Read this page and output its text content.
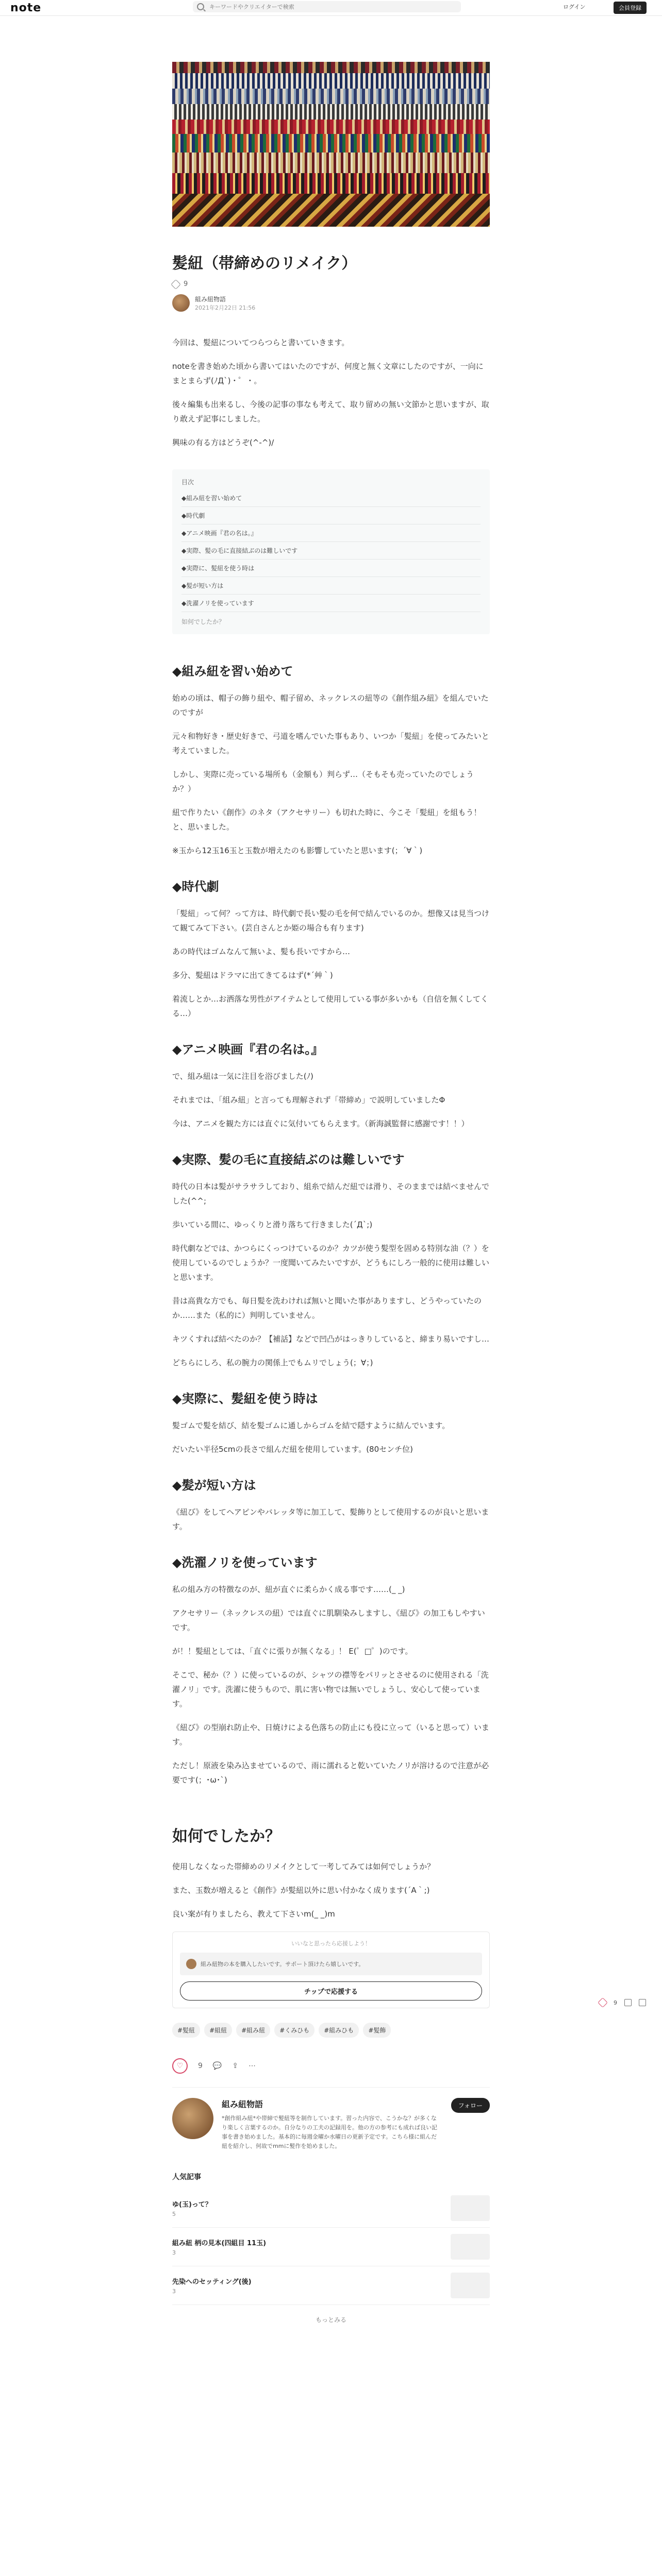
note
キーワードやクリエイターで検索	ログイン	会員登録
髪紐（帯締めのリメイク）
9
組み紐物語
2021年2月22日 21:56

今回は、髪紐についてつらつらと書いていきます。

noteを書き始めた頃から書いてはいたのですが、何度と無く文章にしたのですが、一向にまとまらず(ﾉД`)・゜・。

後々編集も出来るし、今後の記事の事なも考えて、取り留めの無い文節かと思いますが、取り敢えず記事にしました。

興味の有る方はどうぞ(^-^)/

目次
◆組み紐を習い始めて
◆時代劇
◆アニメ映画『君の名は。』
◆実際、髪の毛に直接結ぶのは難しいです
◆実際に、髪紐を使う時は
◆髪が短い方は
◆洗濯ノリを使っています
如何でしたか？
◆組み紐を習い始めて

始めの頃は、帽子の飾り紐や、帽子留め、ネックレスの紐等の《創作組み紐》を組んでいたのですが

元々和物好き・歴史好きで、弓道を嗜んでいた事もあり、いつか「髪紐」を使ってみたいと考えていました。

しかし、実際に売っている場所も（金額も）判らず…（そもそも売っていたのでしょうか？）

紐で作りたい《創作》のネタ（アクセサリー）も切れた時に、今こそ「髪紐」を組もう！と、思いました。

※玉から12玉16玉と玉数が増えたのも影響していたと思います(；´∀｀)

◆時代劇

「髪紐」って何？って方は、時代劇で長い髪の毛を何で結んでいるのか。想像又は見当つけて観てみて下さい。(芸自さんとか姫の場合も有ります)

あの時代はゴムなんて無いよ、髪も長いですから…

多分、髪紐はドラマに出てきてるはず(*´艸｀)

着流しとか…お洒落な男性がアイテムとして使用している事が多いかも（自信を無くしてくる…）

◆アニメ映画『君の名は。』

で、組み紐は一気に注目を浴びました(ﾉ)

それまでは、「組み紐」と言っても理解されず「帯締め」で説明していましたΦ

今は、アニメを観た方には直ぐに気付いてもらえます。（新海誠監督に感謝です！！）

◆実際、髪の毛に直接結ぶのは難しいです

時代の日本は髪がサラサラしており、組糸で結んだ紐では滑り、そのままでは結べませんでした(^^;

歩いている間に、ゆっくりと滑り落ちて行きました(´Д`;)

時代劇などでは、かつらにくっつけているのか？カツが使う髪型を固める特別な油（？）を使用しているのでしょうか？一度聞いてみたいですが、どうもにしろ一般的に使用は難しいと思います。

昔は高貴な方でも、毎日髪を洗わければ無いと聞いた事がありますし、どうやっていたのか……また（私的に）判明していません。

キツくすれば結べたのか？【補話】などで凹凸がはっきりしていると、締まり易いですし…

どちらにしろ、私の腕力の関係上でもムリでしょう(；∀；)

◆実際に、髪紐を使う時は

髪ゴムで髪を結び、結を髪ゴムに通しからゴムを結で隠すように結んでいます。

だいたい半径5cmの長さで組んだ紐を使用しています。(80センチ位)

◆髪が短い方は

《紐び》をしてヘアピンやバレッタ等に加工して、髪飾りとして使用するのが良いと思います。

◆洗濯ノリを使っています

私の組み方の特徴なのが、紐が直ぐに柔らかく成る事です……(_ _)

アクセサリー（ネックレスの紐）では直ぐに肌馴染みしますし、《紐び》の加工もしやすいです。

が！！髪紐としては、「直ぐに張りが無くなる」！ E(゜□゜)のです。

そこで、秘か（？）に使っているのが、シャツの襟等をパリッとさせるのに使用される「洗濯ノリ」です。洗濯に使うもので、肌に害い物では無いでしょうし、安心して使っています。

《紐び》の型崩れ防止や、日焼けによる色落ちの防止にも役に立って（いると思って）います。

ただし！原液を染み込ませているので、雨に濡れると乾いていたノリが溶けるので注意が必要です(；･ω･`)

如何でしたか？

使用しなくなった帯締めのリメイクとして一考してみては如何でしょうか？

また、玉数が増えると《創作》が髪紐以外に思い付かなく成ります(´A｀;)

良い案が有りましたら、教えて下さいm(_ _)m

いいなと思ったら応援しよう！
組み紐物の本を購入したいです。サポート頂けたら嬉しいです。
チップで応援する
#髪紐	#組紐	#組み紐	#くみひも	#組みひも	#髪飾
♡	9 💬 ⇪ ⋯
組み紐物語
*創作組み紐*や帯締で髪紐等を制作しています。習った内容で、こうかな？が多くなり楽しく言葉するのか。自分なりの工夫の記録用を。他の方の参考にも成れば良い記事を書き始めました。基本的に毎週金曜か水曜日の更新予定です。こちら様に組んだ紐を紹介し、何故でmmに髪作を始めました。
フォロー
人気記事
ゆ(玉)って？
5
組み紐 柄の見本(四組目 11玉)
3
先染へのセッティング(後)
3
もっとみる
9
